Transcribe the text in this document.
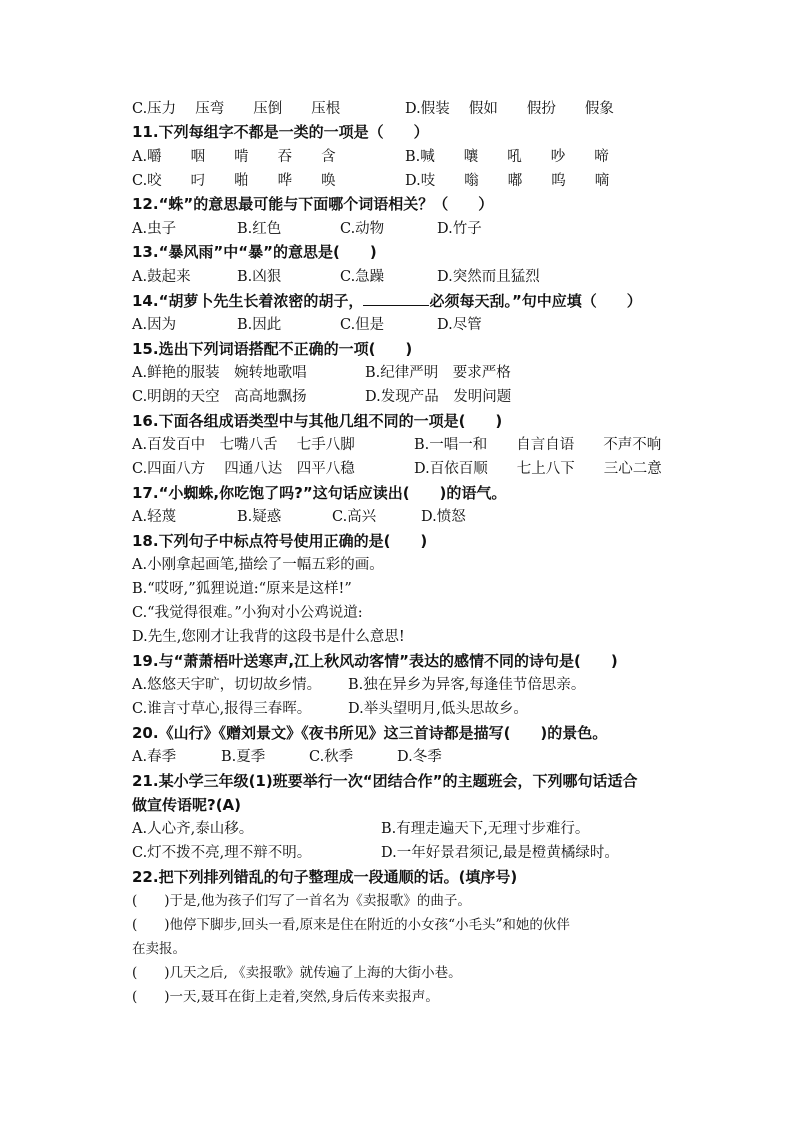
C.压力　 压弯　　压倒　　压根	D.假装　 假如　　假扮　　假象
11.下列每组字不都是一类的一项是（　　）
A.嚼　　咽　　啃　　吞　　含	B.喊　　嚷　　吼　　吵　　啼
C.咬　　叼　　啪　　哗　　唤	D.吱　　嗡　　嘟　　呜　　嘀
12.“蛛”的意思最可能与下面哪个词语相关？（　　）
A.虫子	B.红色	C.动物	D.竹子
13.“暴风雨”中“暴”的意思是(　　)
A.鼓起来	B.凶狠	C.急躁	D.突然而且猛烈
14.“胡萝卜先生长着浓密的胡子，	必须每天刮。”句中应填（　　）
A.因为	B.因此	C.但是	D.尽管
15.选出下列词语搭配不正确的一项(　　)
A.鲜艳的服装　婉转地歌唱	B.纪律严明　要求严格
C.明朗的天空　高高地飘扬	D.发现产品　发明问题
16.下面各组成语类型中与其他几组不同的一项是(　　)
A.百发百中　七嘴八舌　 七手八脚	B.一唱一和　　自言自语　　不声不响
C.四面八方　 四通八达　四平八稳	D.百依百顺　　七上八下　　三心二意
17.“小蜘蛛,你吃饱了吗?”这句话应读出(　　)的语气。
A.轻蔑	B.疑惑	C.高兴	D.愤怒
18.下列句子中标点符号使用正确的是(　　)
A.小刚拿起画笔,描绘了一幅五彩的画。
B.“哎呀,”狐狸说道:“原来是这样!”
C.“我觉得很难。”小狗对小公鸡说道:
D.先生,您刚才让我背的这段书是什么意思!
19.与“萧萧梧叶送寒声,江上秋风动客情”表达的感情不同的诗句是(　　)
A.悠悠天宇旷，切切故乡情。 B.独在异乡为异客,每逢佳节倍思亲。
C.谁言寸草心,报得三春晖。	D.举头望明月,低头思故乡。
20.《山行》《赠刘景文》《夜书所见》这三首诗都是描写(　　)的景色。
A.春季	B.夏季	C.秋季	D.冬季
21.某小学三年级(1)班要举行一次“团结合作”的主题班会，下列哪句话适合
做宣传语呢?(A)
A.人心齐,泰山移。	B.有理走遍天下,无理寸步难行。
C.灯不拨不亮,理不辩不明。	D.一年好景君须记,最是橙黄橘绿时。
22.把下列排列错乱的句子整理成一段通顺的话。(填序号)
(　　)于是,他为孩子们写了一首名为《卖报歌》的曲子。
(　　)他停下脚步,回头一看,原来是住在附近的小女孩“小毛头”和她的伙伴
在卖报。
(　　)几天之后, 《卖报歌》就传遍了上海的大街小巷。
(　　)一天,聂耳在街上走着,突然,身后传来卖报声。
